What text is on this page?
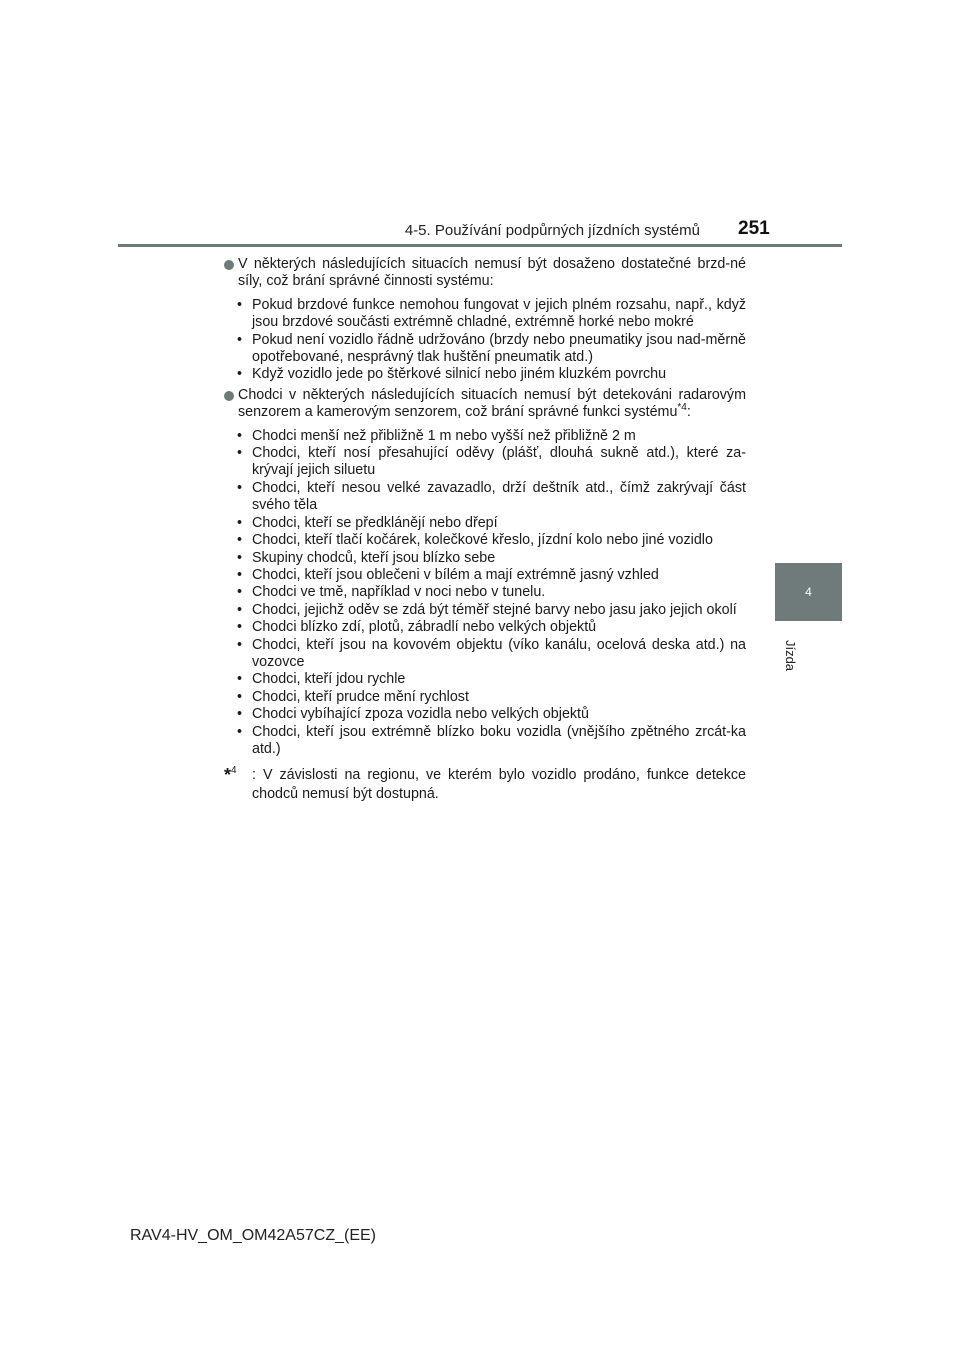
4-5. Používání podpůrných jízdních systémů 251
4
Jízda
V některých následujících situacích nemusí být dosaženo dostatečné brzd-né síly, což brání správné činnosti systému:
• Pokud brzdové funkce nemohou fungovat v jejich plném rozsahu, např., když jsou brzdové součásti extrémně chladné, extrémně horké nebo mokré
• Pokud není vozidlo řádně udržováno (brzdy nebo pneumatiky jsou nad-měrně opotřebované, nesprávný tlak huštění pneumatik atd.)
• Když vozidlo jede po štěrkové silnicí nebo jiném kluzkém povrchu
Chodci v některých následujících situacích nemusí být detekováni radarovým senzorem a kamerovým senzorem, což brání správné funkci systému$^{*4}$:
• Chodci menší než přibližně 1 m nebo vyšší než přibližně 2 m
• Chodci, kteří nosí přesahující oděvy (plášť, dlouhá sukně atd.), které za-krývají jejich siluetu
• Chodci, kteří nesou velké zavazadlo, drží deštník atd., čímž zakrývají část svého těla
• Chodci, kteří se předklánějí nebo dřepí
• Chodci, kteří tlačí kočárek, kolečkové křeslo, jízdní kolo nebo jiné vozidlo
• Skupiny chodců, kteří jsou blízko sebe
• Chodci, kteří jsou oblečeni v bílém a mají extrémně jasný vzhled
• Chodci ve tmě, například v noci nebo v tunelu.
• Chodci, jejichž oděv se zdá být téměř stejné barvy nebo jasu jako jejich okolí
• Chodci blízko zdí, plotů, zábradlí nebo velkých objektů
• Chodci, kteří jsou na kovovém objektu (víko kanálu, ocelová deska atd.) na vozovce
• Chodci, kteří jdou rychle
• Chodci, kteří prudce mění rychlost
• Chodci vybíhající zpoza vozidla nebo velkých objektů
• Chodci, kteří jsou extrémně blízko boku vozidla (vnějšího zpětného zrcát-ka atd.)
*$^4$ : V závislosti na regionu, ve kterém bylo vozidlo prodáno, funkce detekce chodců nemusí být dostupná.
RAV4-HV_OM_OM42A57CZ_(EE)
